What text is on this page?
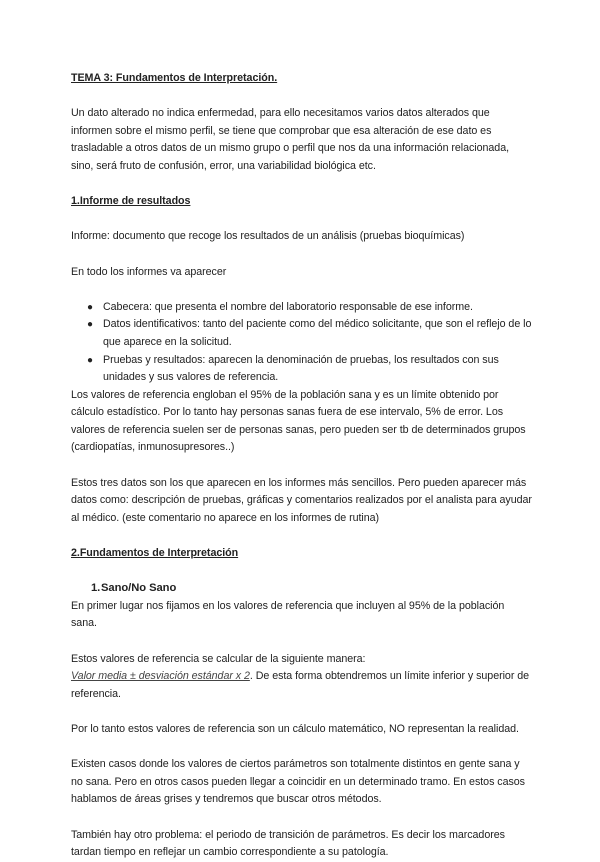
TEMA 3: Fundamentos de Interpretación.

Un dato alterado no indica enfermedad, para ello necesitamos varios datos alterados que informen sobre el mismo perfil, se tiene que comprobar que esa alteración de ese dato es trasladable a otros datos de un mismo grupo o perfil que nos da una información relacionada, sino, será fruto de confusión, error, una variabilidad biológica etc.

1.Informe de resultados

Informe: documento que recoge los resultados de un análisis (pruebas bioquímicas)

En todo los informes va aparecer

● Cabecera: que presenta el nombre del laboratorio responsable de ese informe.
● Datos identificativos: tanto del paciente como del médico solicitante, que son el reflejo de lo que aparece en la solicitud.
● Pruebas y resultados: aparecen la denominación de pruebas, los resultados con sus unidades y sus valores de referencia.

Los valores de referencia engloban el 95% de la población sana y es un límite obtenido por cálculo estadístico. Por lo tanto hay personas sanas fuera de ese intervalo, 5% de error. Los valores de referencia suelen ser de personas sanas, pero pueden ser tb de determinados grupos (cardiopatías, inmunosupresores..)

Estos tres datos son los que aparecen en los informes más sencillos. Pero pueden aparecer más datos como: descripción de pruebas, gráficas y comentarios realizados por el analista para ayudar al médico. (este comentario no aparece en los informes de rutina)

2.Fundamentos de Interpretación

1. Sano/No Sano

En primer lugar nos fijamos en los valores de referencia que incluyen al 95% de la población sana.

Estos valores de referencia se calcular de la siguiente manera:

Valor media ± desviación estándar x 2. De esta forma obtendremos un límite inferior y superior de referencia.

Por lo tanto estos valores de referencia son un cálculo matemático, NO representan la realidad.

Existen casos donde los valores de ciertos parámetros son totalmente distintos en gente sana y no sana. Pero en otros casos pueden llegar a coincidir en un determinado tramo. En estos casos hablamos de áreas grises y tendremos que buscar otros métodos.

También hay otro problema: el periodo de transición de parámetros. Es decir los marcadores tardan tiempo en reflejar un cambio correspondiente a su patología.
